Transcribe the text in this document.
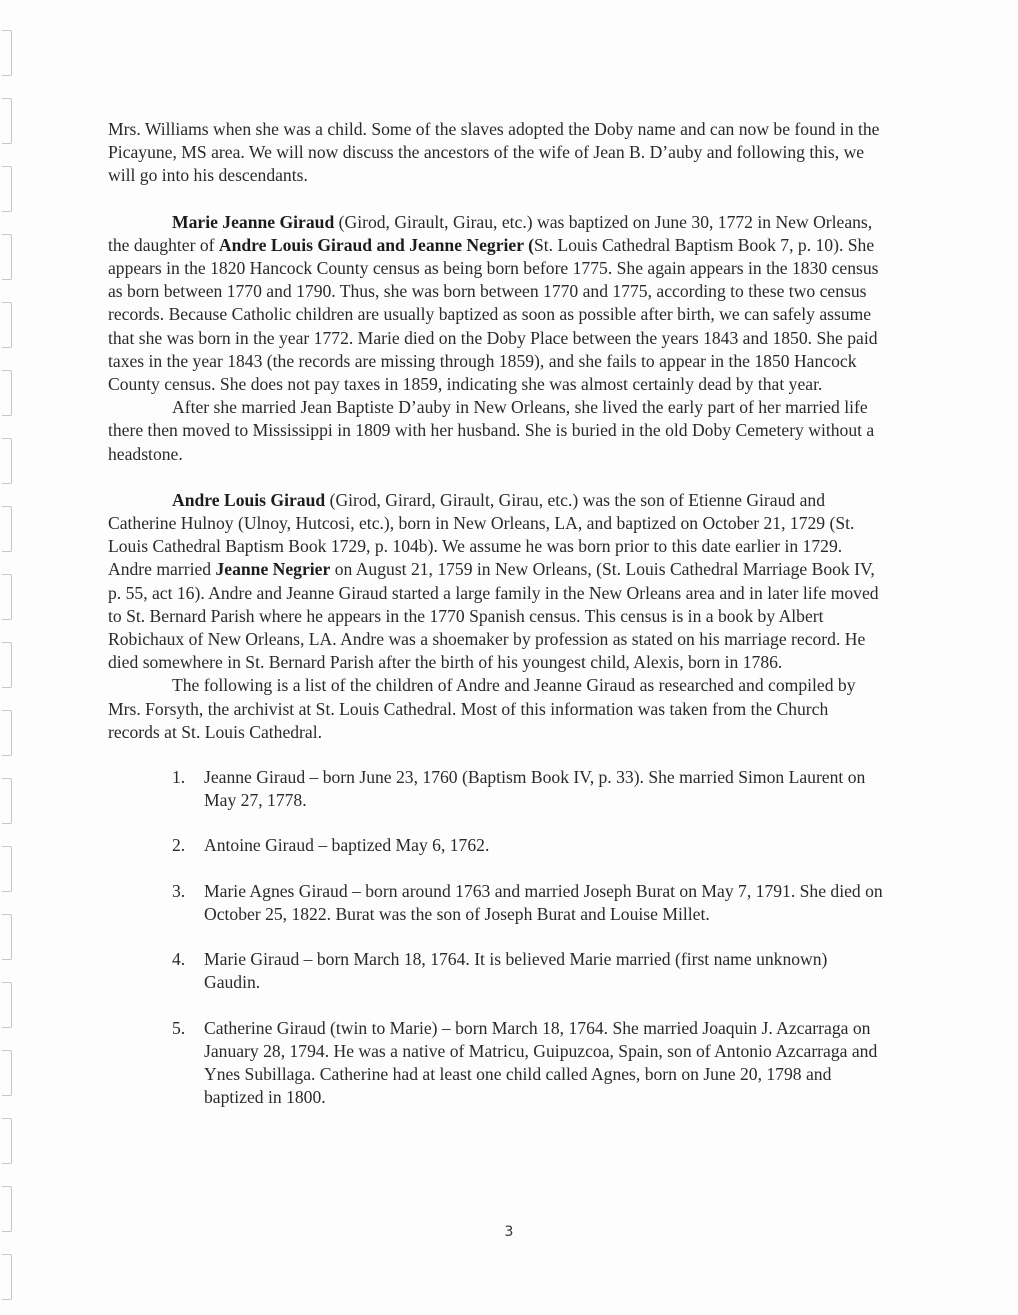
Mrs. Williams when she was a child. Some of the slaves adopted the Doby name and can now be found in the Picayune, MS area. We will now discuss the ancestors of the wife of Jean B. D’auby and following this, we will go into his descendants.

Marie Jeanne Giraud (Girod, Girault, Girau, etc.) was baptized on June 30, 1772 in New Orleans, the daughter of Andre Louis Giraud and Jeanne Negrier (St. Louis Cathedral Baptism Book 7, p. 10). She appears in the 1820 Hancock County census as being born before 1775. She again appears in the 1830 census as born between 1770 and 1790. Thus, she was born between 1770 and 1775, according to these two census records. Because Catholic children are usually baptized as soon as possible after birth, we can safely assume that she was born in the year 1772. Marie died on the Doby Place between the years 1843 and 1850. She paid taxes in the year 1843 (the records are missing through 1859), and she fails to appear in the 1850 Hancock County census. She does not pay taxes in 1859, indicating she was almost certainly dead by that year.

After she married Jean Baptiste D’auby in New Orleans, she lived the early part of her married life there then moved to Mississippi in 1809 with her husband. She is buried in the old Doby Cemetery without a headstone.

Andre Louis Giraud (Girod, Girard, Girault, Girau, etc.) was the son of Etienne Giraud and Catherine Hulnoy (Ulnoy, Hutcosi, etc.), born in New Orleans, LA, and baptized on October 21, 1729 (St. Louis Cathedral Baptism Book 1729, p. 104b). We assume he was born prior to this date earlier in 1729. Andre married Jeanne Negrier on August 21, 1759 in New Orleans, (St. Louis Cathedral Marriage Book IV, p. 55, act 16). Andre and Jeanne Giraud started a large family in the New Orleans area and in later life moved to St. Bernard Parish where he appears in the 1770 Spanish census. This census is in a book by Albert Robichaux of New Orleans, LA. Andre was a shoemaker by profession as stated on his marriage record. He died somewhere in St. Bernard Parish after the birth of his youngest child, Alexis, born in 1786.

The following is a list of the children of Andre and Jeanne Giraud as researched and compiled by Mrs. Forsyth, the archivist at St. Louis Cathedral. Most of this information was taken from the Church records at St. Louis Cathedral.

1. Jeanne Giraud – born June 23, 1760 (Baptism Book IV, p. 33). She married Simon Laurent on May 27, 1778.
2. Antoine Giraud – baptized May 6, 1762.
3. Marie Agnes Giraud – born around 1763 and married Joseph Burat on May 7, 1791. She died on October 25, 1822. Burat was the son of Joseph Burat and Louise Millet.
4. Marie Giraud – born March 18, 1764. It is believed Marie married (first name unknown) Gaudin.
5. Catherine Giraud (twin to Marie) – born March 18, 1764. She married Joaquin J. Azcarraga on January 28, 1794. He was a native of Matricu, Guipuzcoa, Spain, son of Antonio Azcarraga and Ynes Subillaga. Catherine had at least one child called Agnes, born on June 20, 1798 and baptized in 1800.
3
